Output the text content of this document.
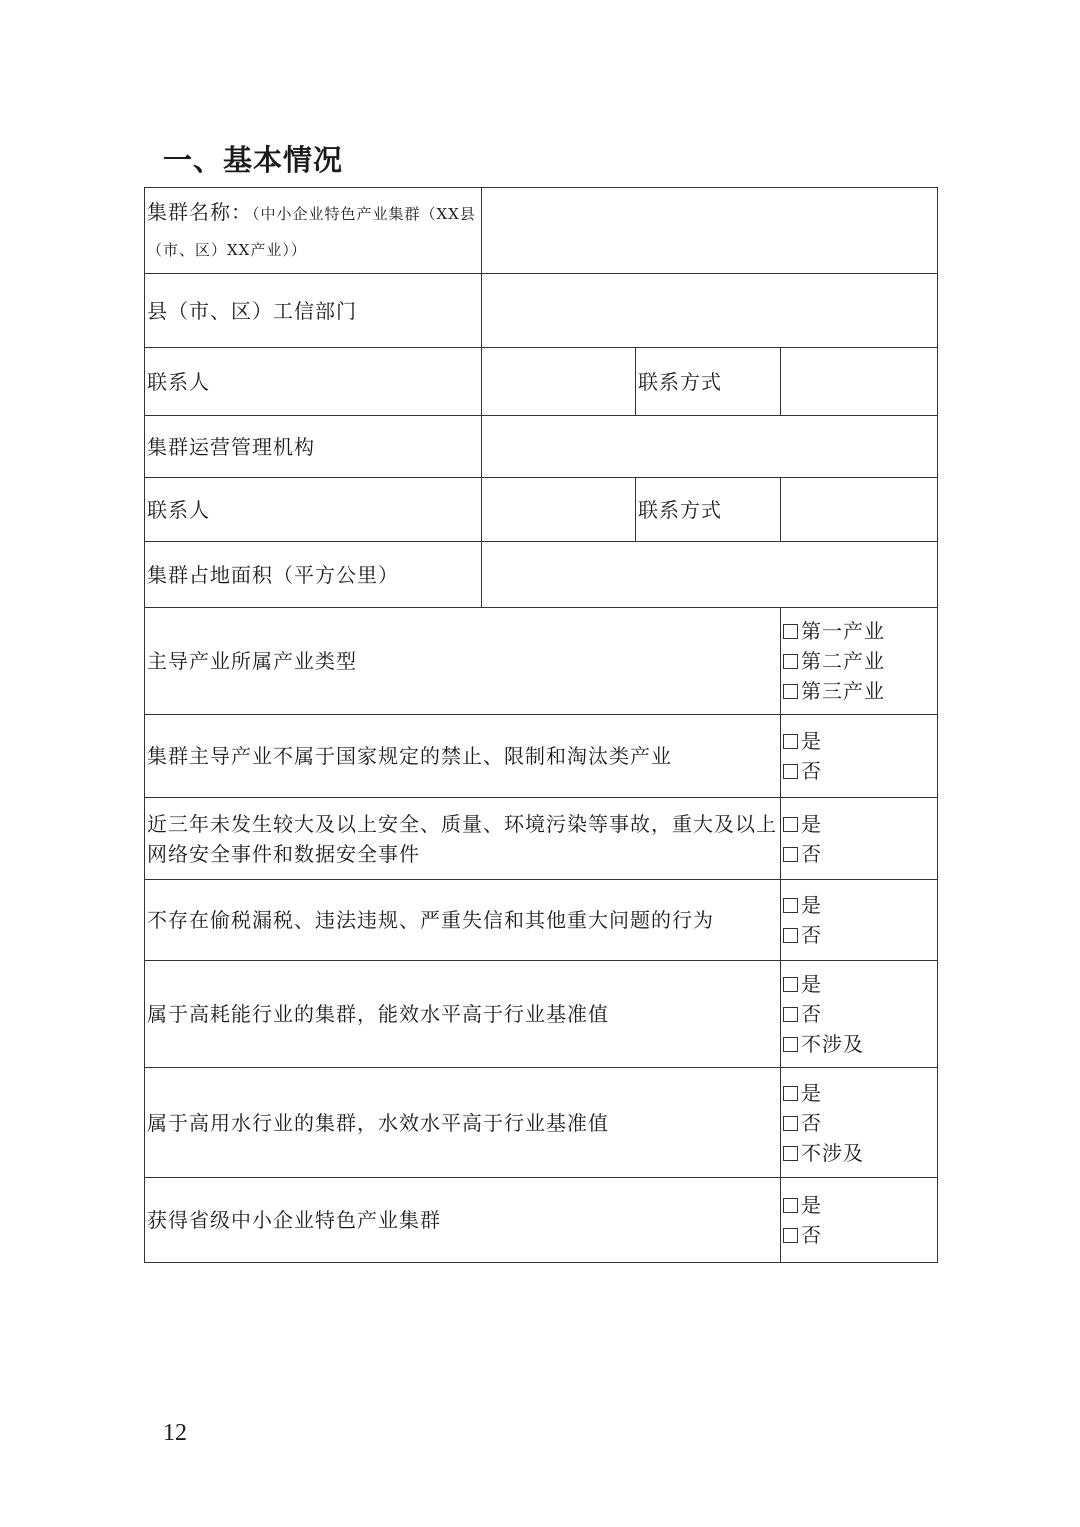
一、基本情况
集群名称：（中小企业特色产业集群（XX县（市、区）XX产业））			
县（市、区）工信部门			
联系人		联系方式	
集群运营管理机构			
联系人		联系方式	
集群占地面积（平方公里）			
主导产业所属产业类型			第一产业
第二产业
第三产业

集群主导产业不属于国家规定的禁止、限制和淘汰类产业			是
否

近三年未发生较大及以上安全、质量、环境污染等事故，重大及以上网络安全事件和数据安全事件			是
否

不存在偷税漏税、违法违规、严重失信和其他重大问题的行为			是
否

属于高耗能行业的集群，能效水平高于行业基准值			是
否
不涉及

属于高用水行业的集群，水效水平高于行业基准值			是
否
不涉及

获得省级中小企业特色产业集群			是
否
12
